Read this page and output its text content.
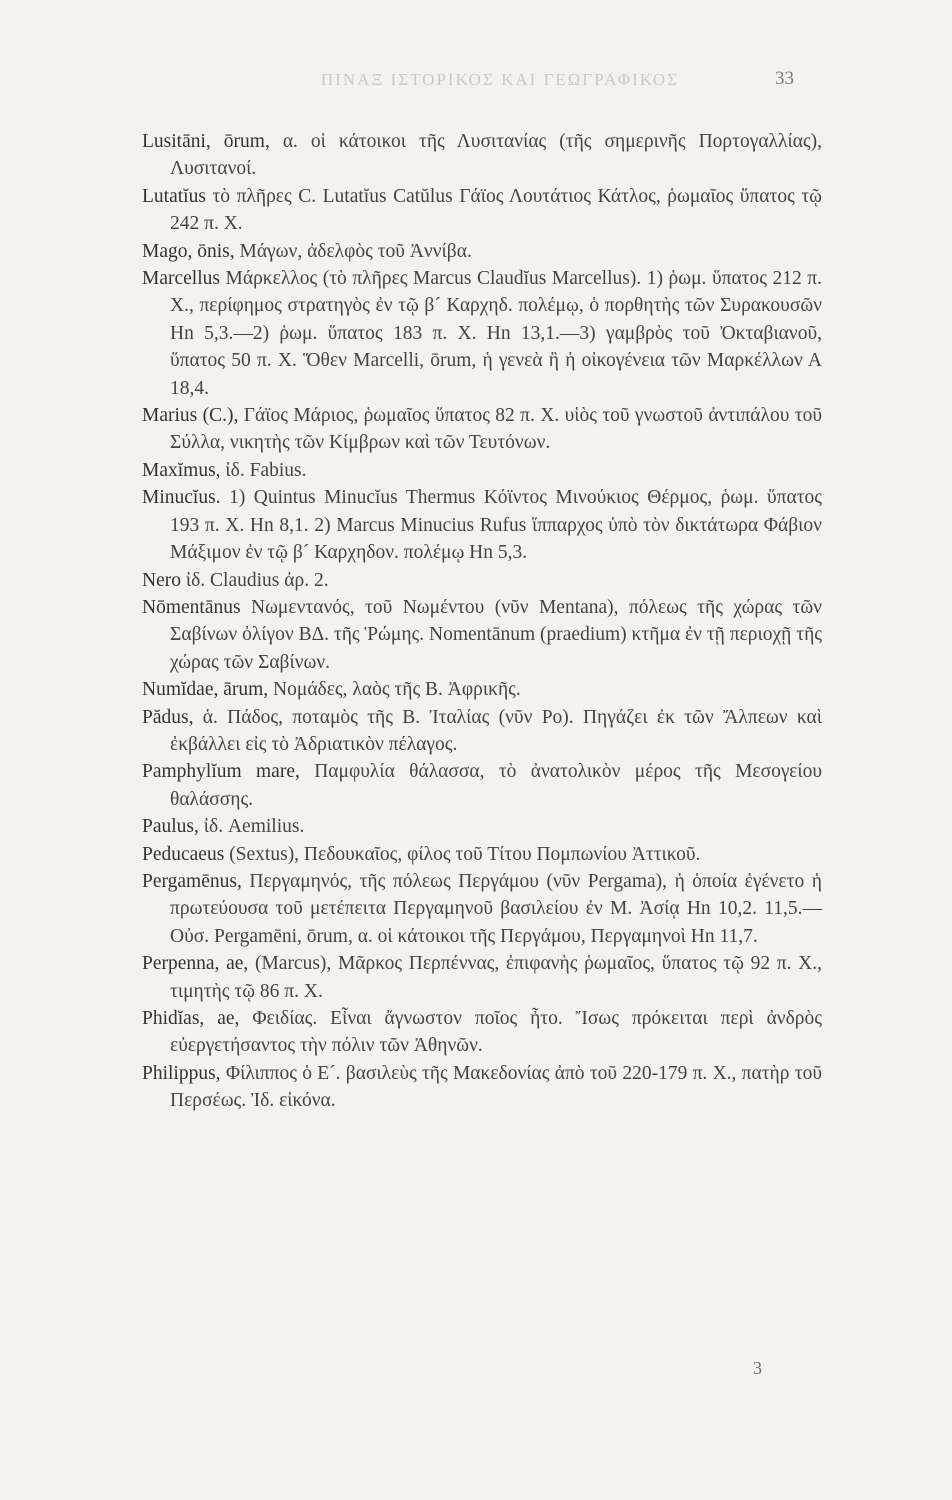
ΠΙΝΑΞ ΙΣΤΟΡΙΚΟΣ ΚΑΙ ΓΕΩΓΡΑΦΙΚΟΣ	33

Lusitāni, ōrum, α. οἱ κάτοικοι τῆς Λυσιτανίας (τῆς σημερινῆς Πορτογαλλίας), Λυσιτανοί.

Lutatĭus τὸ πλῆρες C. Lutatĭus Catŭlus Γάϊος Λουτάτιος Κάτλος, ῥωμαῖος ὕπατος τῷ 242 π. Χ.

Mago, ōnis, Μάγων, ἀδελφὸς τοῦ Ἀννίβα.

Marcellus Μάρκελλος (τὸ πλῆρες Marcus Claudĭus Marcellus). 1) ῥωμ. ὕπατος 212 π. Χ., περίφημος στρατηγὸς ἐν τῷ β´ Καρχηδ. πολέμῳ, ὁ πορθητὴς τῶν Συρακουσῶν Ηn 5,3.—2) ῥωμ. ὕπατος 183 π. Χ. Ηn 13,1.—3) γαμβρὸς τοῦ Ὀκταβιανοῦ, ὕπατος 50 π. Χ. Ὅθεν Marcelli, ōrum, ἡ γενεὰ ἢ ἡ οἰκογένεια τῶν Μαρκέλλων Α 18,4.

Marius (C.), Γάϊος Μάριος, ῥωμαῖος ὕπατος 82 π. Χ. υἱὸς τοῦ γνωστοῦ ἀντιπάλου τοῦ Σύλλα, νικητὴς τῶν Κίμβρων καὶ τῶν Τευτόνων.

Maxĭmus, ἰδ. Fabius.

Minucĭus. 1) Quintus Minucĭus Thermus Κόϊντος Μινούκιος Θέρμος, ῥωμ. ὕπατος 193 π. Χ. Ηn 8,1. 2) Marcus Minucius Rufus ἵππαρχος ὑπὸ τὸν δικτάτωρα Φάβιον Μάξιμον ἐν τῷ β´ Καρχηδον. πολέμῳ Ηn 5,3.

Nero ἰδ. Claudius ἀρ. 2.

Nōmentānus Νωμεντανός, τοῦ Νωμέντου (νῦν Mentana), πόλεως τῆς χώρας τῶν Σαβίνων ὀλίγον ΒΔ. τῆς Ῥώμης. Nomentānum (praedium) κτῆμα ἐν τῇ περιοχῇ τῆς χώρας τῶν Σαβίνων.

Numĭdae, ārum, Νομάδες, λαὸς τῆς Β. Ἀφρικῆς.

Pădus, ἁ. Πάδος, ποταμὸς τῆς Β. Ἰταλίας (νῦν Po). Πηγάζει ἐκ τῶν Ἄλπεων καὶ ἐκβάλλει εἰς τὸ Ἀδριατικὸν πέλαγος.

Pamphylĭum mare, Παμφυλία θάλασσα, τὸ ἀνατολικὸν μέρος τῆς Μεσογείου θαλάσσης.

Paulus, ἰδ. Aemilius.

Peducaeus (Sextus), Πεδουκαῖος, φίλος τοῦ Τίτου Πομπωνίου Ἀττικοῦ.

Pergamēnus, Περγαμηνός, τῆς πόλεως Περγάμου (νῦν Pergama), ἡ ὁποία ἐγένετο ἡ πρωτεύουσα τοῦ μετέπειτα Περγαμηνοῦ βασιλείου ἐν Μ. Ἀσίᾳ Ηn 10,2. 11,5.—Οὐσ. Pergamēni, ōrum, α. οἱ κάτοικοι τῆς Περγάμου, Περγαμηνοὶ Ηn 11,7.

Perpenna, ae, (Marcus), Μᾶρκος Περπέννας, ἐπιφανὴς ῥωμαῖος, ὕπατος τῷ 92 π. Χ., τιμητὴς τῷ 86 π. Χ.

Phidĭas, ae, Φειδίας. Εἶναι ἄγνωστον ποῖος ἦτο. Ἴσως πρόκειται περὶ ἀνδρὸς εὐεργετήσαντος τὴν πόλιν τῶν Ἀθηνῶν.

Philippus, Φίλιππος ὁ Ε´. βασιλεὺς τῆς Μακεδονίας ἀπὸ τοῦ 220-179 π. Χ., πατὴρ τοῦ Περσέως. Ἰδ. εἰκόνα.

3
